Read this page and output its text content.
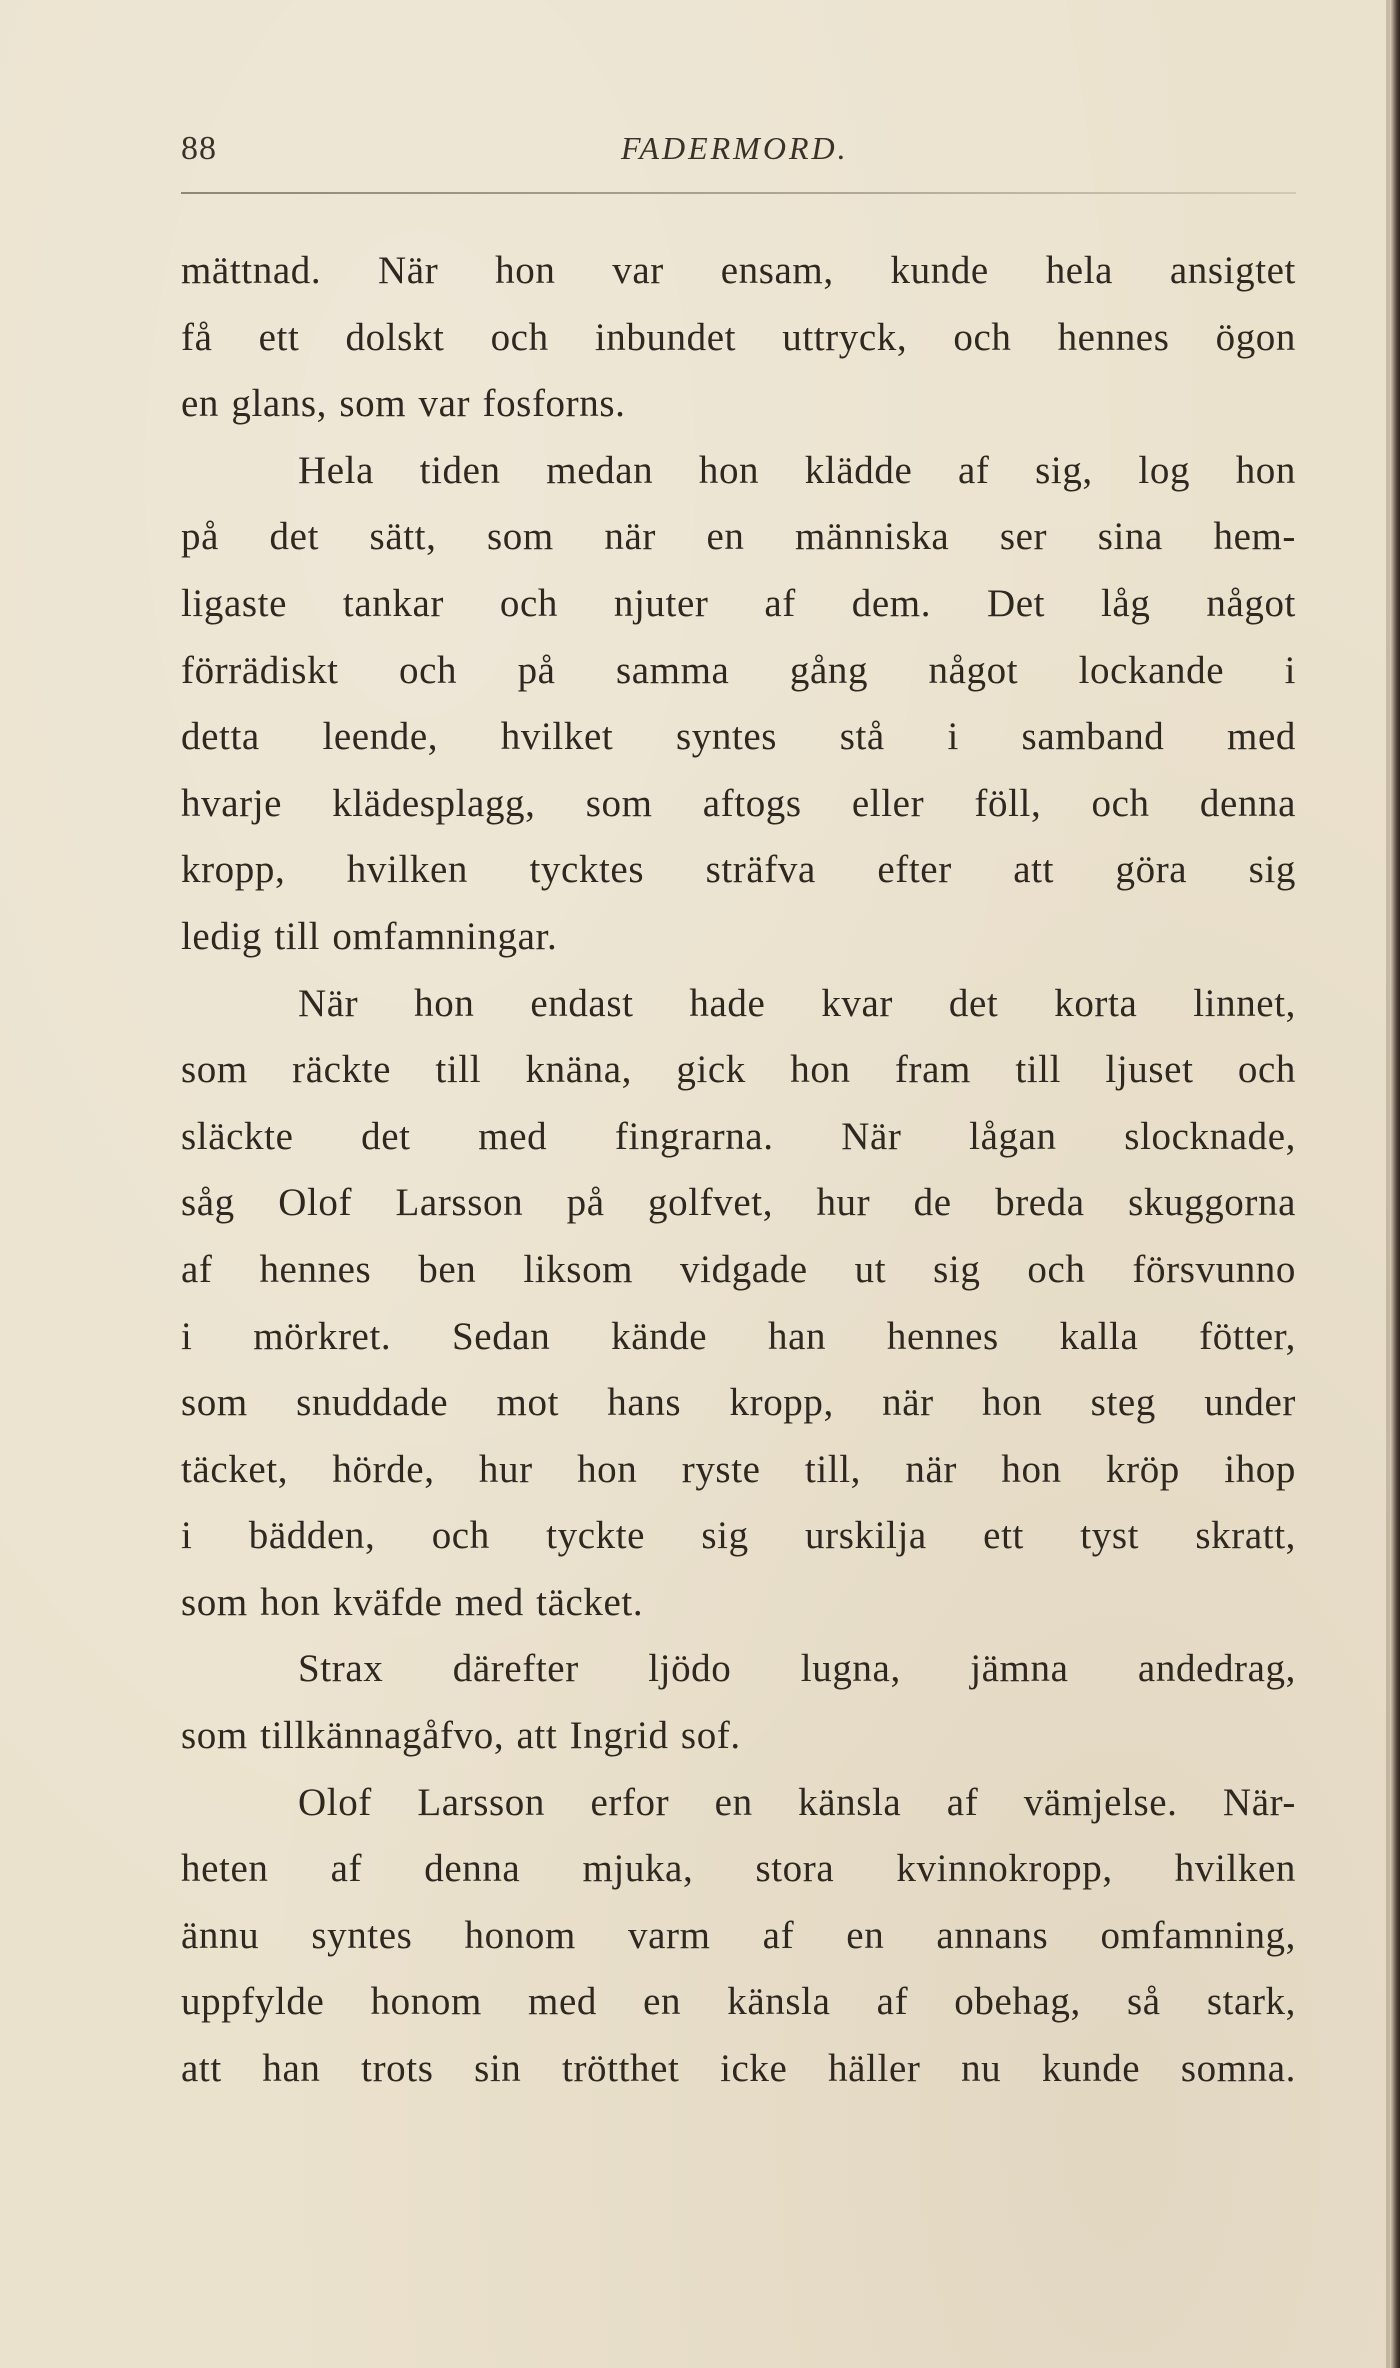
88	FADERMORD.
mättnad. När hon var ensam, kunde hela ansigtet
få ett dolskt och inbundet uttryck, och hennes ögon
en glans, som var fosforns.
Hela tiden medan hon klädde af sig, log hon
på det sätt, som när en människa ser sina hem-
ligaste tankar och njuter af dem. Det låg något
förrädiskt och på samma gång något lockande i
detta leende, hvilket syntes stå i samband med
hvarje klädesplagg, som aftogs eller föll, och denna
kropp, hvilken tycktes sträfva efter att göra sig
ledig till omfamningar.
När hon endast hade kvar det korta linnet,
som räckte till knäna, gick hon fram till ljuset och
släckte det med fingrarna. När lågan slocknade,
såg Olof Larsson på golfvet, hur de breda skuggorna
af hennes ben liksom vidgade ut sig och försvunno
i mörkret. Sedan kände han hennes kalla fötter,
som snuddade mot hans kropp, när hon steg under
täcket, hörde, hur hon ryste till, när hon kröp ihop
i bädden, och tyckte sig urskilja ett tyst skratt,
som hon kväfde med täcket.
Strax därefter ljödo lugna, jämna andedrag,
som tillkännagåfvo, att Ingrid sof.
Olof Larsson erfor en känsla af vämjelse. När-
heten af denna mjuka, stora kvinnokropp, hvilken
ännu syntes honom varm af en annans omfamning,
uppfylde honom med en känsla af obehag, så stark,
att han trots sin trötthet icke häller nu kunde somna.
